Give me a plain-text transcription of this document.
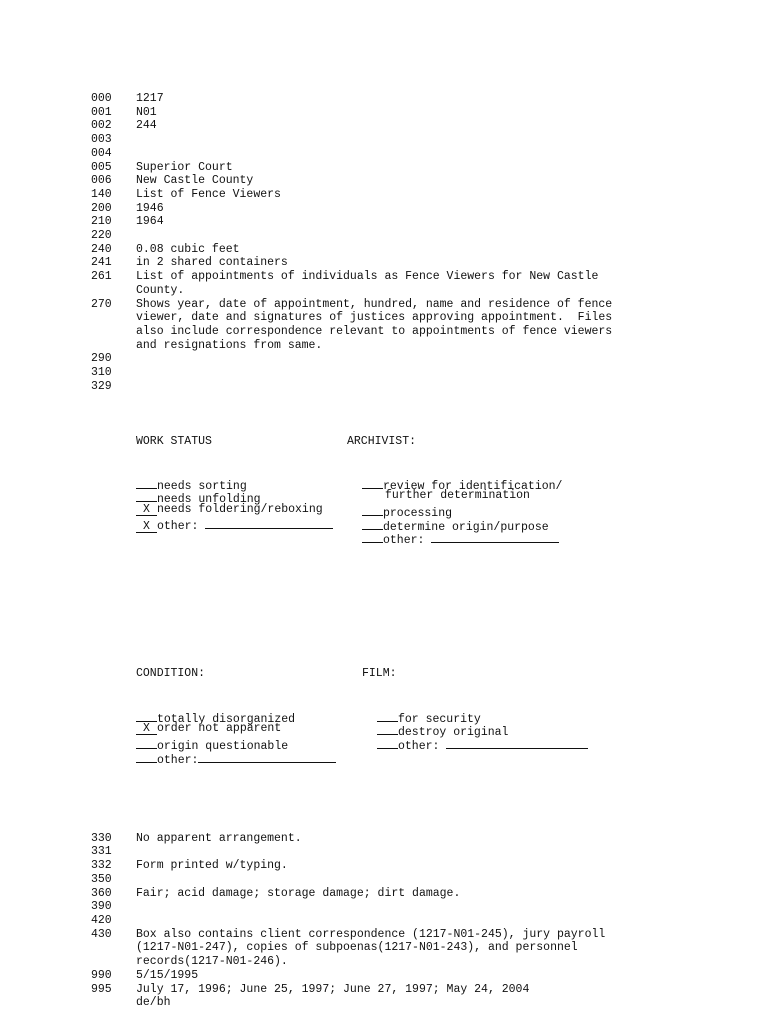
000	1217
001	N01
002	244
003
004
005	Superior Court
006	New Castle County
140	List of Fence Viewers
200	1946
210	1964
220
240	0.08 cubic feet
241	in 2 shared containers
261	List of appointments of individuals as Fence Viewers for New Castle
County.
270	Shows year, date of appointment, hundred, name and residence of fence
viewer, date and signatures of justices approving appointment.  Files
also include correspondence relevant to appointments of fence viewers
and resignations from same.
290
310
329

WORK STATUS

needs sorting
needs unfolding
X needs foldering/reboxing
X other:

ARCHIVIST:

review for identification/
further determination
processing
determine origin/purpose
other:

CONDITION:

totally disorganized
X order not apparent
origin questionable
other:

FILM:

for security
destroy original
other:

330	No apparent arrangement.
331
332	Form printed w/typing.
350
360	Fair; acid damage; storage damage; dirt damage.
390
420
430	Box also contains client correspondence (1217-N01-245), jury payroll
(1217-N01-247), copies of subpoenas(1217-N01-243), and personnel
records(1217-N01-246).
990	5/15/1995
995	July 17, 1996; June 25, 1997; June 27, 1997; May 24, 2004
de/bh
